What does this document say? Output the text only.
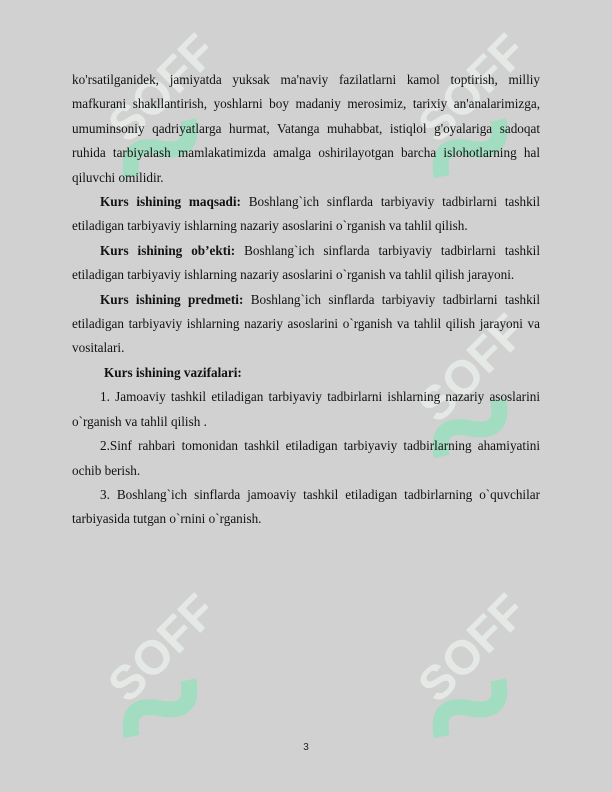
SOFF	SOFF
SOFF
SOFF	SOFF

ko'rsatilganidek, jamiyatda yuksak ma'naviy fazilatlarni kamol toptirish, milliy mafkurani shakllantirish, yoshlarni boy madaniy merosimiz, tarixiy an'analarimizga, umuminsoniy qadriyatlarga hurmat, Vatanga muhabbat, istiqlol g'oyalariga sadoqat ruhida tarbiyalash mamlakatimizda amalga oshirilayotgan barcha islohotlarning hal qiluvchi omilidir.

Kurs ishining maqsadi: Boshlang`ich sinflarda tarbiyaviy tadbirlarni tashkil etiladigan tarbiyaviy ishlarning nazariy asoslarini o`rganish va tahlil qilish.

Kurs ishining ob’ekti: Boshlang`ich sinflarda tarbiyaviy tadbirlarni tashkil etiladigan tarbiyaviy ishlarning nazariy asoslarini o`rganish va tahlil qilish jarayoni.

Kurs ishining predmeti: Boshlang`ich sinflarda tarbiyaviy tadbirlarni tashkil etiladigan tarbiyaviy ishlarning nazariy asoslarini o`rganish va tahlil qilish jarayoni va vositalari.

Kurs ishining vazifalari:

1. Jamoaviy tashkil etiladigan tarbiyaviy tadbirlarni ishlarning nazariy asoslarini o`rganish va tahlil qilish .

2.Sinf rahbari tomonidan tashkil etiladigan tarbiyaviy tadbirlarning ahamiyatini ochib berish.

3. Boshlang`ich sinflarda jamoaviy tashkil etiladigan tadbirlarning o`quvchilar tarbiyasida tutgan o`rnini o`rganish.

3
